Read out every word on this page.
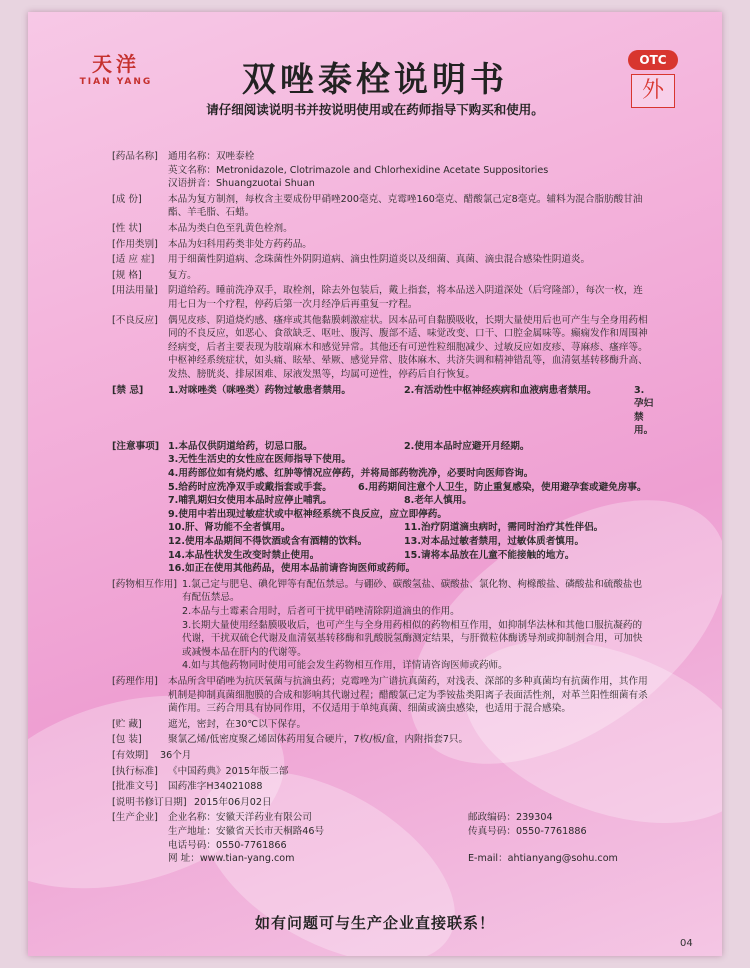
天洋
TIAN YANG	双唑泰栓说明书
请仔细阅读说明书并按说明使用或在药师指导下购买和使用。
OTC
外
[药品名称]	通用名称：双唑泰栓
英文名称：Metronidazole, Clotrimazole and Chlorhexidine Acetate Suppositories
汉语拼音：Shuangzuotai Shuan
[成 份]	本品为复方制剂，每枚含主要成份甲硝唑200毫克、克霉唑160毫克、醋酸氯己定8毫克。辅料为混合脂肪酸甘油酯、羊毛脂、石蜡。
[性 状]	本品为类白色至乳黄色栓剂。
[作用类别]	本品为妇科用药类非处方药药品。
[适 应 症]	用于细菌性阴道病、念珠菌性外阴阴道病、滴虫性阴道炎以及细菌、真菌、滴虫混合感染性阴道炎。
[规 格]	复方。
[用法用量]	阴道给药。睡前洗净双手，取栓剂，除去外包装后，戴上指套，将本品送入阴道深处（后穹隆部），每次一枚，连用七日为一个疗程，停药后第一次月经净后再重复一疗程。
[不良反应]	偶见皮疹、阴道烧灼感、瘙痒或其他黏膜刺激症状。因本品可自黏膜吸收，长期大量使用后也可产生与全身用药相同的不良反应，如恶心、食欲缺乏、呕吐、腹泻、腹部不适、味觉改变、口干、口腔金属味等。癫痫发作和周围神经病变，后者主要表现为肢端麻木和感觉异常。其他还有可逆性粒细胞减少、过敏反应如皮疹、荨麻疹、瘙痒等。中枢神经系统症状，如头痛、眩晕、晕厥、感觉异常、肢体麻木、共济失调和精神错乱等，血清氨基转移酶升高、发热、膀胱炎、排尿困难、尿液发黑等，均属可逆性，停药后自行恢复。
[禁 忌]	1.对咪唑类（咪唑类）药物过敏患者禁用。	2.有活动性中枢神经疾病和血液病患者禁用。	3.孕妇禁用。
[注意事项] 1.本品仅供阴道给药，切忌口服。	2.使用本品时应避开月经期。
3.无性生活史的女性应在医师指导下使用。
4.用药部位如有烧灼感、红肿等情况应停药，并将局部药物洗净，必要时向医师咨询。
5.给药时应洗净双手或戴指套或手套。	6.用药期间注意个人卫生，防止重复感染，使用避孕套或避免房事。
7.哺乳期妇女使用本品时应停止哺乳。	8.老年人慎用。
9.使用中若出现过敏症状或中枢神经系统不良反应，应立即停药。
10.肝、肾功能不全者慎用。	11.治疗阴道滴虫病时，需同时治疗其性伴侣。
12.使用本品期间不得饮酒或含有酒精的饮料。	13.对本品过敏者禁用，过敏体质者慎用。
14.本品性状发生改变时禁止使用。	15.请将本品放在儿童不能接触的地方。
16.如正在使用其他药品，使用本品前请咨询医师或药师。
[药物相互作用] 1.氯己定与肥皂、碘化钾等有配伍禁忌。与硼砂、碳酸氢盐、碳酸盐、氯化物、枸橼酸盐、磷酸盐和硫酸盐也有配伍禁忌。
2.本品与土霉素合用时，后者可干扰甲硝唑清除阴道滴虫的作用。
3.长期大量使用经黏膜吸收后，也可产生与全身用药相似的药物相互作用，如抑制华法林和其他口服抗凝药的代谢，干扰双硫仑代谢及血清氨基转移酶和乳酸脱氢酶测定结果，与肝微粒体酶诱导剂或抑制剂合用，可加快或减慢本品在肝内的代谢等。
4.如与其他药物同时使用可能会发生药物相互作用，详情请咨询医师或药师。
[药理作用]	本品所含甲硝唑为抗厌氧菌与抗滴虫药；克霉唑为广谱抗真菌药，对浅表、深部的多种真菌均有抗菌作用，其作用机制是抑制真菌细胞膜的合成和影响其代谢过程；醋酸氯己定为季铵盐类阳离子表面活性剂，对革兰阳性细菌有杀菌作用。三药合用具有协同作用，不仅适用于单纯真菌、细菌或滴虫感染，也适用于混合感染。
[贮 藏]	遮光，密封，在30℃以下保存。
[包 装]	聚氯乙烯/低密度聚乙烯固体药用复合硬片，7枚/板/盒，内附指套7只。
[有效期]	36个月
[执行标准]	《中国药典》2015年版二部
[批准文号]	国药准字H34021088
[说明书修订日期] 2015年06月02日
[生产企业]	企业名称：安徽天洋药业有限公司	邮政编码：239304
生产地址：安徽省天长市天桐路46号	传真号码：0550-7761886
电话号码：0550-7761866
网 址：www.tian-yang.com	E-mail：ahtianyang@sohu.com
如有问题可与生产企业直接联系！
04
